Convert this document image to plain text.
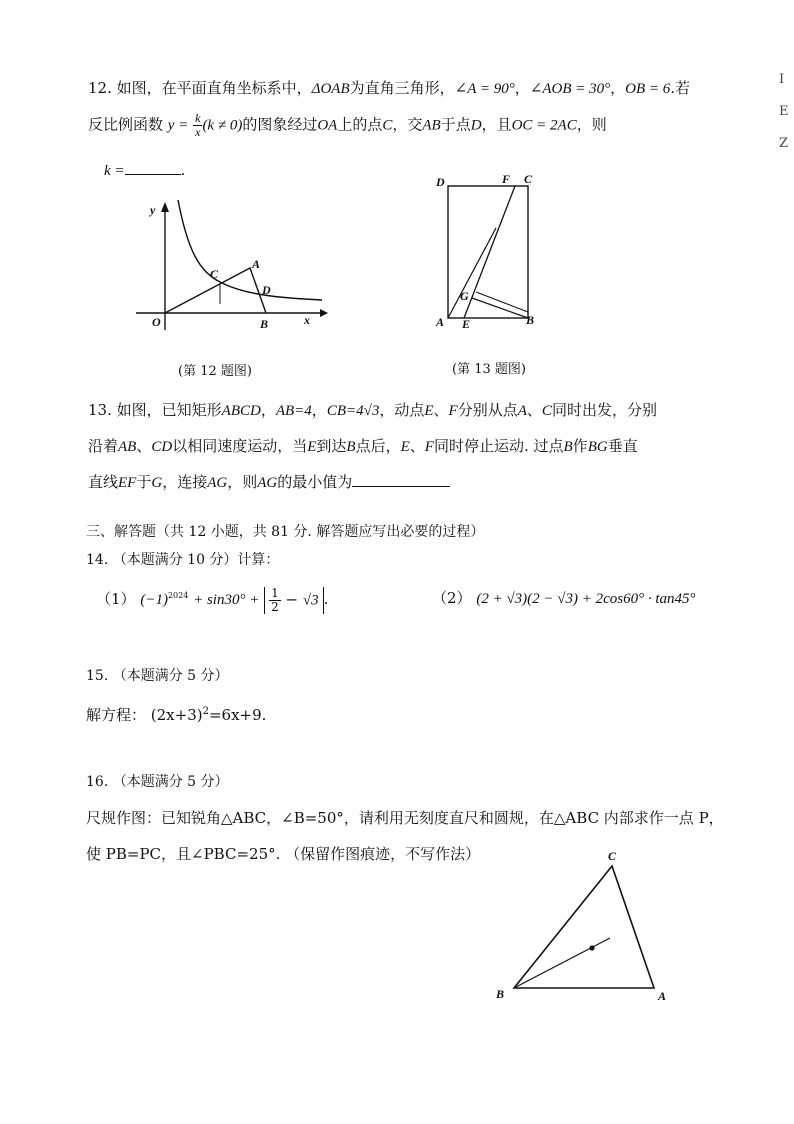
I
E
Z
12. 如图，在平面直角坐标系中，ΔOAB为直角三角形，∠A = 90°，∠AOB = 30°，OB = 6.若
反比例函数 $y = \frac{k}{x} (k \ne 0)$的图象经过OA上的点C，交AB于点D，且OC = 2AC，则
k =	.
y
x
O
A
B
C
D
(第 12 题图)
D	F C
G
A E	B
(第 13 题图)
13. 如图，已知矩形ABCD，AB=4，CB=4√3，动点E、F分别从点A、C同时出发，分别
沿着AB、CD以相同速度运动，当E到达B点后，E、F同时停止运动. 过点B作BG垂直
直线EF于G，连接AG，则AG的最小值为
三、解答题（共 12 小题，共 81 分. 解答题应写出必要的过程）
14. （本题满分 10 分）计算：
（1） $(-1)^{2024} + \sin 30^\circ + \frac{1}{2} - √3$ .	（2） (2 + √3)(2 − √3) + 2cos60° · tan45°
15. （本题满分 5 分）
解方程： $(2x+3)^2=6x+9$.
16. （本题满分 5 分）
尺规作图：已知锐角△ABC，∠B=50°，请利用无刻度直尺和圆规，在△ABC 内部求作一点 P，
使 PB=PC，且∠PBC=25°. （保留作图痕迹，不写作法）	C
B	A
